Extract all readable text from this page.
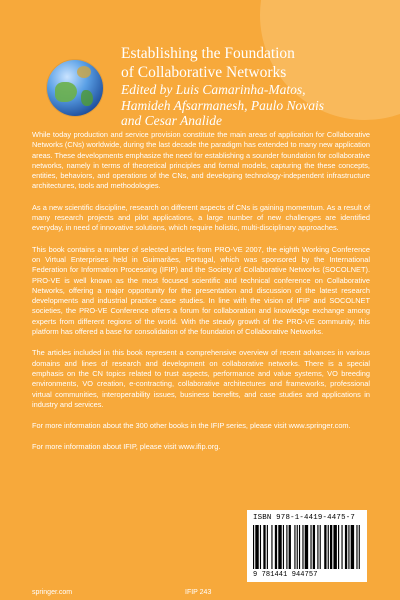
Establishing the Foundation
of Collaborative Networks
Edited by Luis Camarinha-Matos,
Hamideh Afsarmanesh, Paulo Novais
and Cesar Analide

While today production and service provision constitute the main areas of application for Collaborative Networks (CNs) worldwide, during the last decade the paradigm has extended to many new application areas. These developments emphasize the need for establishing a sounder foundation for collaborative networks, namely in terms of theoretical principles and formal models, capturing the these concepts, entities, behaviors, and operations of the CNs, and developing technology-independent infrastructure architectures, tools and methodologies.

As a new scientific discipline, research on different aspects of CNs is gaining momentum. As a result of many research projects and pilot applications, a large number of new challenges are identified everyday, in need of innovative solutions, which require holistic, multi-disciplinary approaches.

This book contains a number of selected articles from PRO-VE 2007, the eighth Working Conference on Virtual Enterprises held in Guimarães, Portugal, which was sponsored by the International Federation for Information Processing (IFIP) and the Society of Collaborative Networks (SOCOLNET). PRO-VE is well known as the most focused scientific and technical conference on Collaborative Networks, offering a major opportunity for the presentation and discussion of the latest research developments and industrial practice case studies. In line with the vision of IFIP and SOCOLNET societies, the PRO-VE Conference offers a forum for collaboration and knowledge exchange among experts from different regions of the world. With the steady growth of the PRO-VE community, this platform has offered a base for consolidation of the foundation of Collaborative Networks.

The articles included in this book represent a comprehensive overview of recent advances in various domains and lines of research and development on collaborative networks. There is a special emphasis on the CN topics related to trust aspects, performance and value systems, VO breeding environments, VO creation, e-contracting, collaborative architectures and frameworks, professional virtual communities, interoperability issues, business benefits, and case studies and applications in industry and services.

For more information about the 300 other books in the IFIP series, please visit www.springer.com.

For more information about IFIP, please visit www.ifip.org.

ISBN 978-1-4419-4475-7
9 781441 944757
springer.com	IFIP 243
